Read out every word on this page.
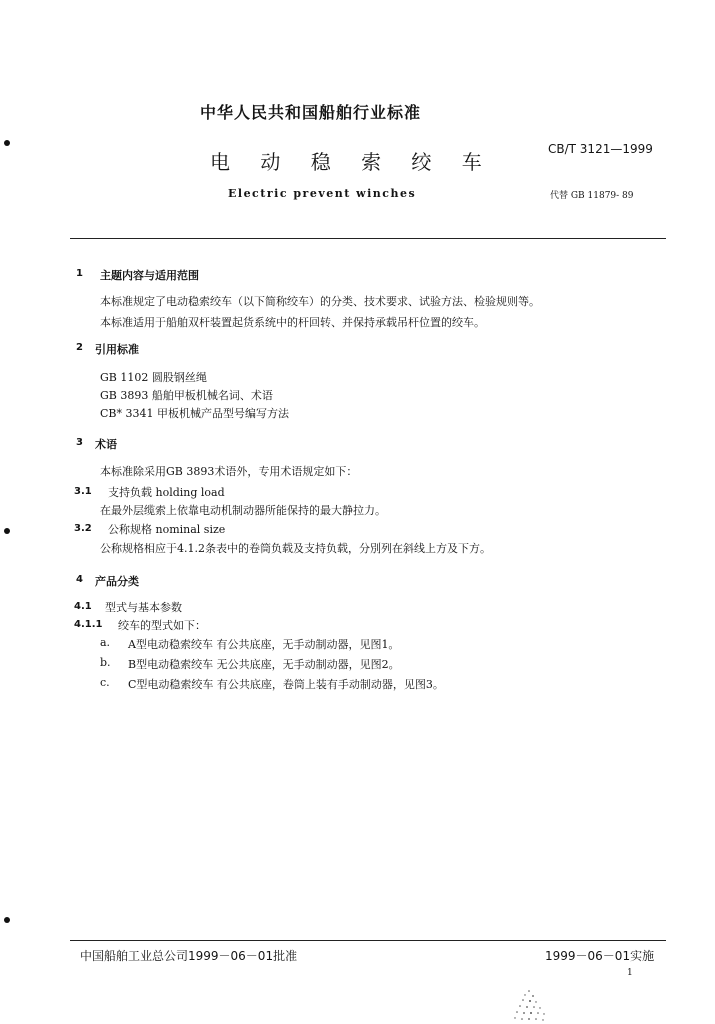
中华人民共和国船舶行业标准
电 动 稳 索 绞 车
CB/T 3121—1999
Electric prevent winches	代替 GB 11879- 89
1 主题内容与适用范围
本标准规定了电动稳索绞车（以下简称绞车）的分类、技术要求、试验方法、检验规则等。
本标准适用于船舶双杆装置起货系统中的杆回转、并保持承载吊杆位置的绞车。
2 引用标准
GB 1102 圆股钢丝绳
GB 3893 船舶甲板机械名词、术语
CB* 3341 甲板机械产品型号编写方法
3 术语
本标准除采用GB 3893术语外，专用术语规定如下：
3.1 支持负载 holding load
在最外层缆索上依靠电动机制动器所能保持的最大静拉力。
3.2 公称规格 nominal size
公称规格相应于4.1.2条表中的卷筒负载及支持负载，分別列在斜线上方及下方。
4 产品分类
4.1 型式与基本参数
4.1.1 绞车的型式如下：
a. A型电动稳索绞车 有公共底座，无手动制动器，见图1。
b. B型电动稳索绞车 无公共底座，无手动制动器，见图2。
c. C型电动稳索绞车 有公共底座，卷筒上装有手动制动器，见图3。
中国船舶工业总公司1999－06－01批准	1999－06－01实施
1
